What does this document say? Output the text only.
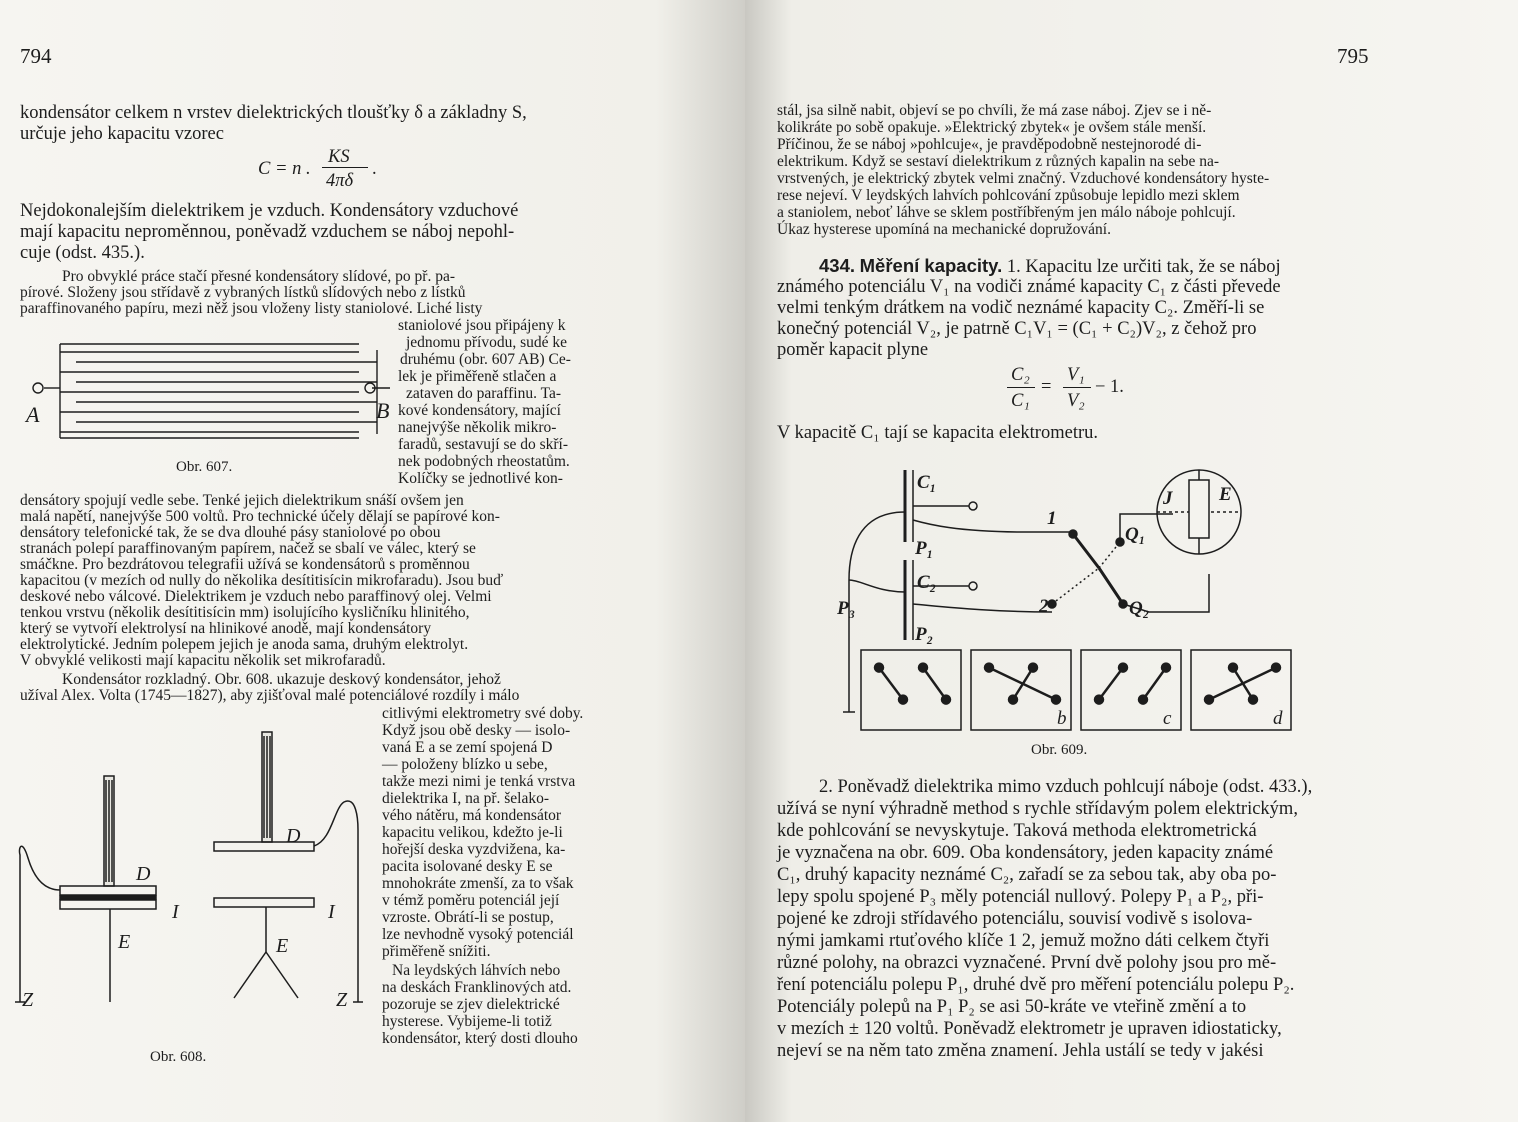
794
kondensátor celkem n vrstev dielektrických tloušťky δ a základny S,
určuje jeho kapacitu vzorec
C = n .
KS
4πδ
.
Nejdokonalejším dielektrikem je vzduch. Kondensátory vzduchové
mají kapacitu neproměnnou, poněvadž vzduchem se náboj nepohl-
cuje (odst. 435.).
Pro obvyklé práce stačí přesné kondensátory slídové, po př. pa-
pírové. Složeny jsou střídavě z vybraných lístků slídových nebo z lístků
paraffinovaného papíru, mezi něž jsou vloženy listy staniolové. Liché listy
staniolové jsou připájeny k
jednomu přívodu, sudé ke
druhému (obr. 607 AB) Ce-
lek je přiměřeně stlačen a
zataven do paraffinu. Ta-
kové kondensátory, mající
nanejvýše několik mikro-
faradů, sestavují se do skří-
nek podobných rheostatům.
Kolíčky se jednotlivé kon-
A	B
Obr. 607.
densátory spojují vedle sebe. Tenké jejich dielektrikum snáší ovšem jen
malá napětí, nanejvýše 500 voltů. Pro technické účely dělají se papírové kon-
densátory telefonické tak, že se dva dlouhé pásy staniolové po obou
stranách polepí paraffinovaným papírem, načež se sbalí ve válec, který se
smáčkne. Pro bezdrátovou telegrafii užívá se kondensátorů s proměnnou
kapacitou (v mezích od nully do několika desítitisícin mikrofaradu). Jsou buď
deskové nebo válcové. Dielektrikem je vzduch nebo paraffinový olej. Velmi
tenkou vrstvu (několik desítitisícin mm) isolujícího kysličníku hlinitého,
který se vytvoří elektrolysí na hlinikové anodě, mají kondensátory
elektrolytické. Jedním polepem jejich je anoda sama, druhým elektrolyt.
V obvyklé velikosti mají kapacitu několik set mikrofaradů.
Kondensátor rozkladný. Obr. 608. ukazuje deskový kondensátor, jehož
užíval Alex. Volta (1745—1827), aby zjišťoval malé potenciálové rozdíly i málo
citlivými elektrometry své doby.
Když jsou obě desky — isolo-
vaná E a se zemí spojená D
— položeny blízko u sebe,
takže mezi nimi je tenká vrstva
dielektrika I, na př. šelako-
vého nátěru, má kondensátor
kapacitu velikou, kdežto je-li
hořejší deska vyzdvižena, ka-
pacita isolované desky E se
mnohokráte zmenší, za to však
v témž poměru potenciál její
vzroste. Obrátí-li se postup,
lze nevhodně vysoký potenciál
přiměřeně snížiti.
Na leydských láhvích nebo
na deskách Franklinových atd.
pozoruje se zjev dielektrické
hysterese. Vybijeme-li totiž
kondensátor, který dosti dlouho
D
I
E
Z
D
I
E
Z
Obr. 608.
795
stál, jsa silně nabit, objeví se po chvíli, že má zase náboj. Zjev se i ně-
kolikráte po sobě opakuje. »Elektrický zbytek« je ovšem stále menší.
Příčinou, že se náboj »pohlcuje«, je pravděpodobně nestejnorodé di-
elektrikum. Když se sestaví dielektrikum z různých kapalin na sebe na-
vrstvených, je elektrický zbytek velmi značný. Vzduchové kondensátory hyste-
rese nejeví. V leydských lahvích pohlcování způsobuje lepidlo mezi sklem
a staniolem, neboť láhve se sklem postříbřeným jen málo náboje pohlcují.
Úkaz hysterese upomíná na mechanické dopružování.
434. Měření kapacity. 1. Kapacitu lze určiti tak, že se náboj
známého potenciálu V₁ na vodiči známé kapacity C₁ z části převede
velmi tenkým drátkem na vodič neznámé kapacity C₂. Změří-li se
konečný potenciál V₂, je patrně C₁V₁ = (C₁ + C₂)V₂, z čehož pro
poměr kapacit plyne
C₂
C₁
=
V₁
V₂
− 1.
V kapacitě C₁ tají se kapacita elektrometru.
C₁
P₁
C₂
P₂
P₃
1
2
Q₁
Q₂
J E
b	c	d
Obr. 609.
2. Poněvadž dielektrika mimo vzduch pohlcují náboje (odst. 433.),
užívá se nyní výhradně method s rychle střídavým polem elektrickým,
kde pohlcování se nevyskytuje. Taková methoda elektrometrická
je vyznačena na obr. 609. Oba kondensátory, jeden kapacity známé
C₁, druhý kapacity neznámé C₂, zařadí se za sebou tak, aby oba po-
lepy spolu spojené P₃ měly potenciál nullový. Polepy P₁ a P₂, při-
pojené ke zdroji střídavého potenciálu, souvisí vodivě s isolova-
nými jamkami rtuťového klíče 1 2, jemuž možno dáti celkem čtyři
různé polohy, na obrazci vyznačené. První dvě polohy jsou pro mě-
ření potenciálu polepu P₁, druhé dvě pro měření potenciálu polepu P₂.
Potenciály polepů na P₁ P₂ se asi 50-kráte ve vteřině změní a to
v mezích ± 120 voltů. Poněvadž elektrometr je upraven idiostaticky,
nejeví se na něm tato změna znamení. Jehla ustálí se tedy v jakési
